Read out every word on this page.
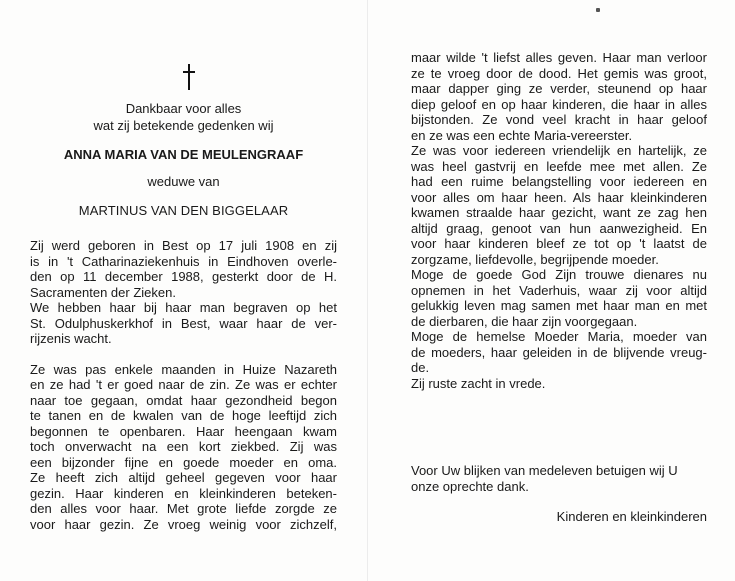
Dankbaar voor alles
wat zij betekende gedenken wij
ANNA MARIA VAN DE MEULENGRAAF
weduwe van
MARTINUS VAN DEN BIGGELAAR
Zij werd geboren in Best op 17 juli 1908 en zij
is in 't Catharinaziekenhuis in Eindhoven overle-
den op 11 december 1988, gesterkt door de H.
Sacramenten der Zieken.
We hebben haar bij haar man begraven op het
St. Odulphuskerkhof in Best, waar haar de ver-
rijzenis wacht.
Ze was pas enkele maanden in Huize Nazareth
en ze had 't er goed naar de zin. Ze was er echter
naar toe gegaan, omdat haar gezondheid begon
te tanen en de kwalen van de hoge leeftijd zich
begonnen te openbaren. Haar heengaan kwam
toch onverwacht na een kort ziekbed. Zij was
een bijzonder fijne en goede moeder en oma.
Ze heeft zich altijd geheel gegeven voor haar
gezin. Haar kinderen en kleinkinderen beteken-
den alles voor haar. Met grote liefde zorgde ze
voor haar gezin. Ze vroeg weinig voor zichzelf,
maar wilde 't liefst alles geven. Haar man verloor
ze te vroeg door de dood. Het gemis was groot,
maar dapper ging ze verder, steunend op haar
diep geloof en op haar kinderen, die haar in alles
bijstonden. Ze vond veel kracht in haar geloof
en ze was een echte Maria-vereerster.
Ze was voor iedereen vriendelijk en hartelijk, ze
was heel gastvrij en leefde mee met allen. Ze
had een ruime belangstelling voor iedereen en
voor alles om haar heen. Als haar kleinkinderen
kwamen straalde haar gezicht, want ze zag hen
altijd graag, genoot van hun aanwezigheid. En
voor haar kinderen bleef ze tot op 't laatst de
zorgzame, liefdevolle, begrijpende moeder.
Moge de goede God Zijn trouwe dienares nu
opnemen in het Vaderhuis, waar zij voor altijd
gelukkig leven mag samen met haar man en met
de dierbaren, die haar zijn voorgegaan.
Moge de hemelse Moeder Maria, moeder van
de moeders, haar geleiden in de blijvende vreug-
de.
Zij ruste zacht in vrede.
Voor Uw blijken van medeleven betuigen wij U
onze oprechte dank.
Kinderen en kleinkinderen
